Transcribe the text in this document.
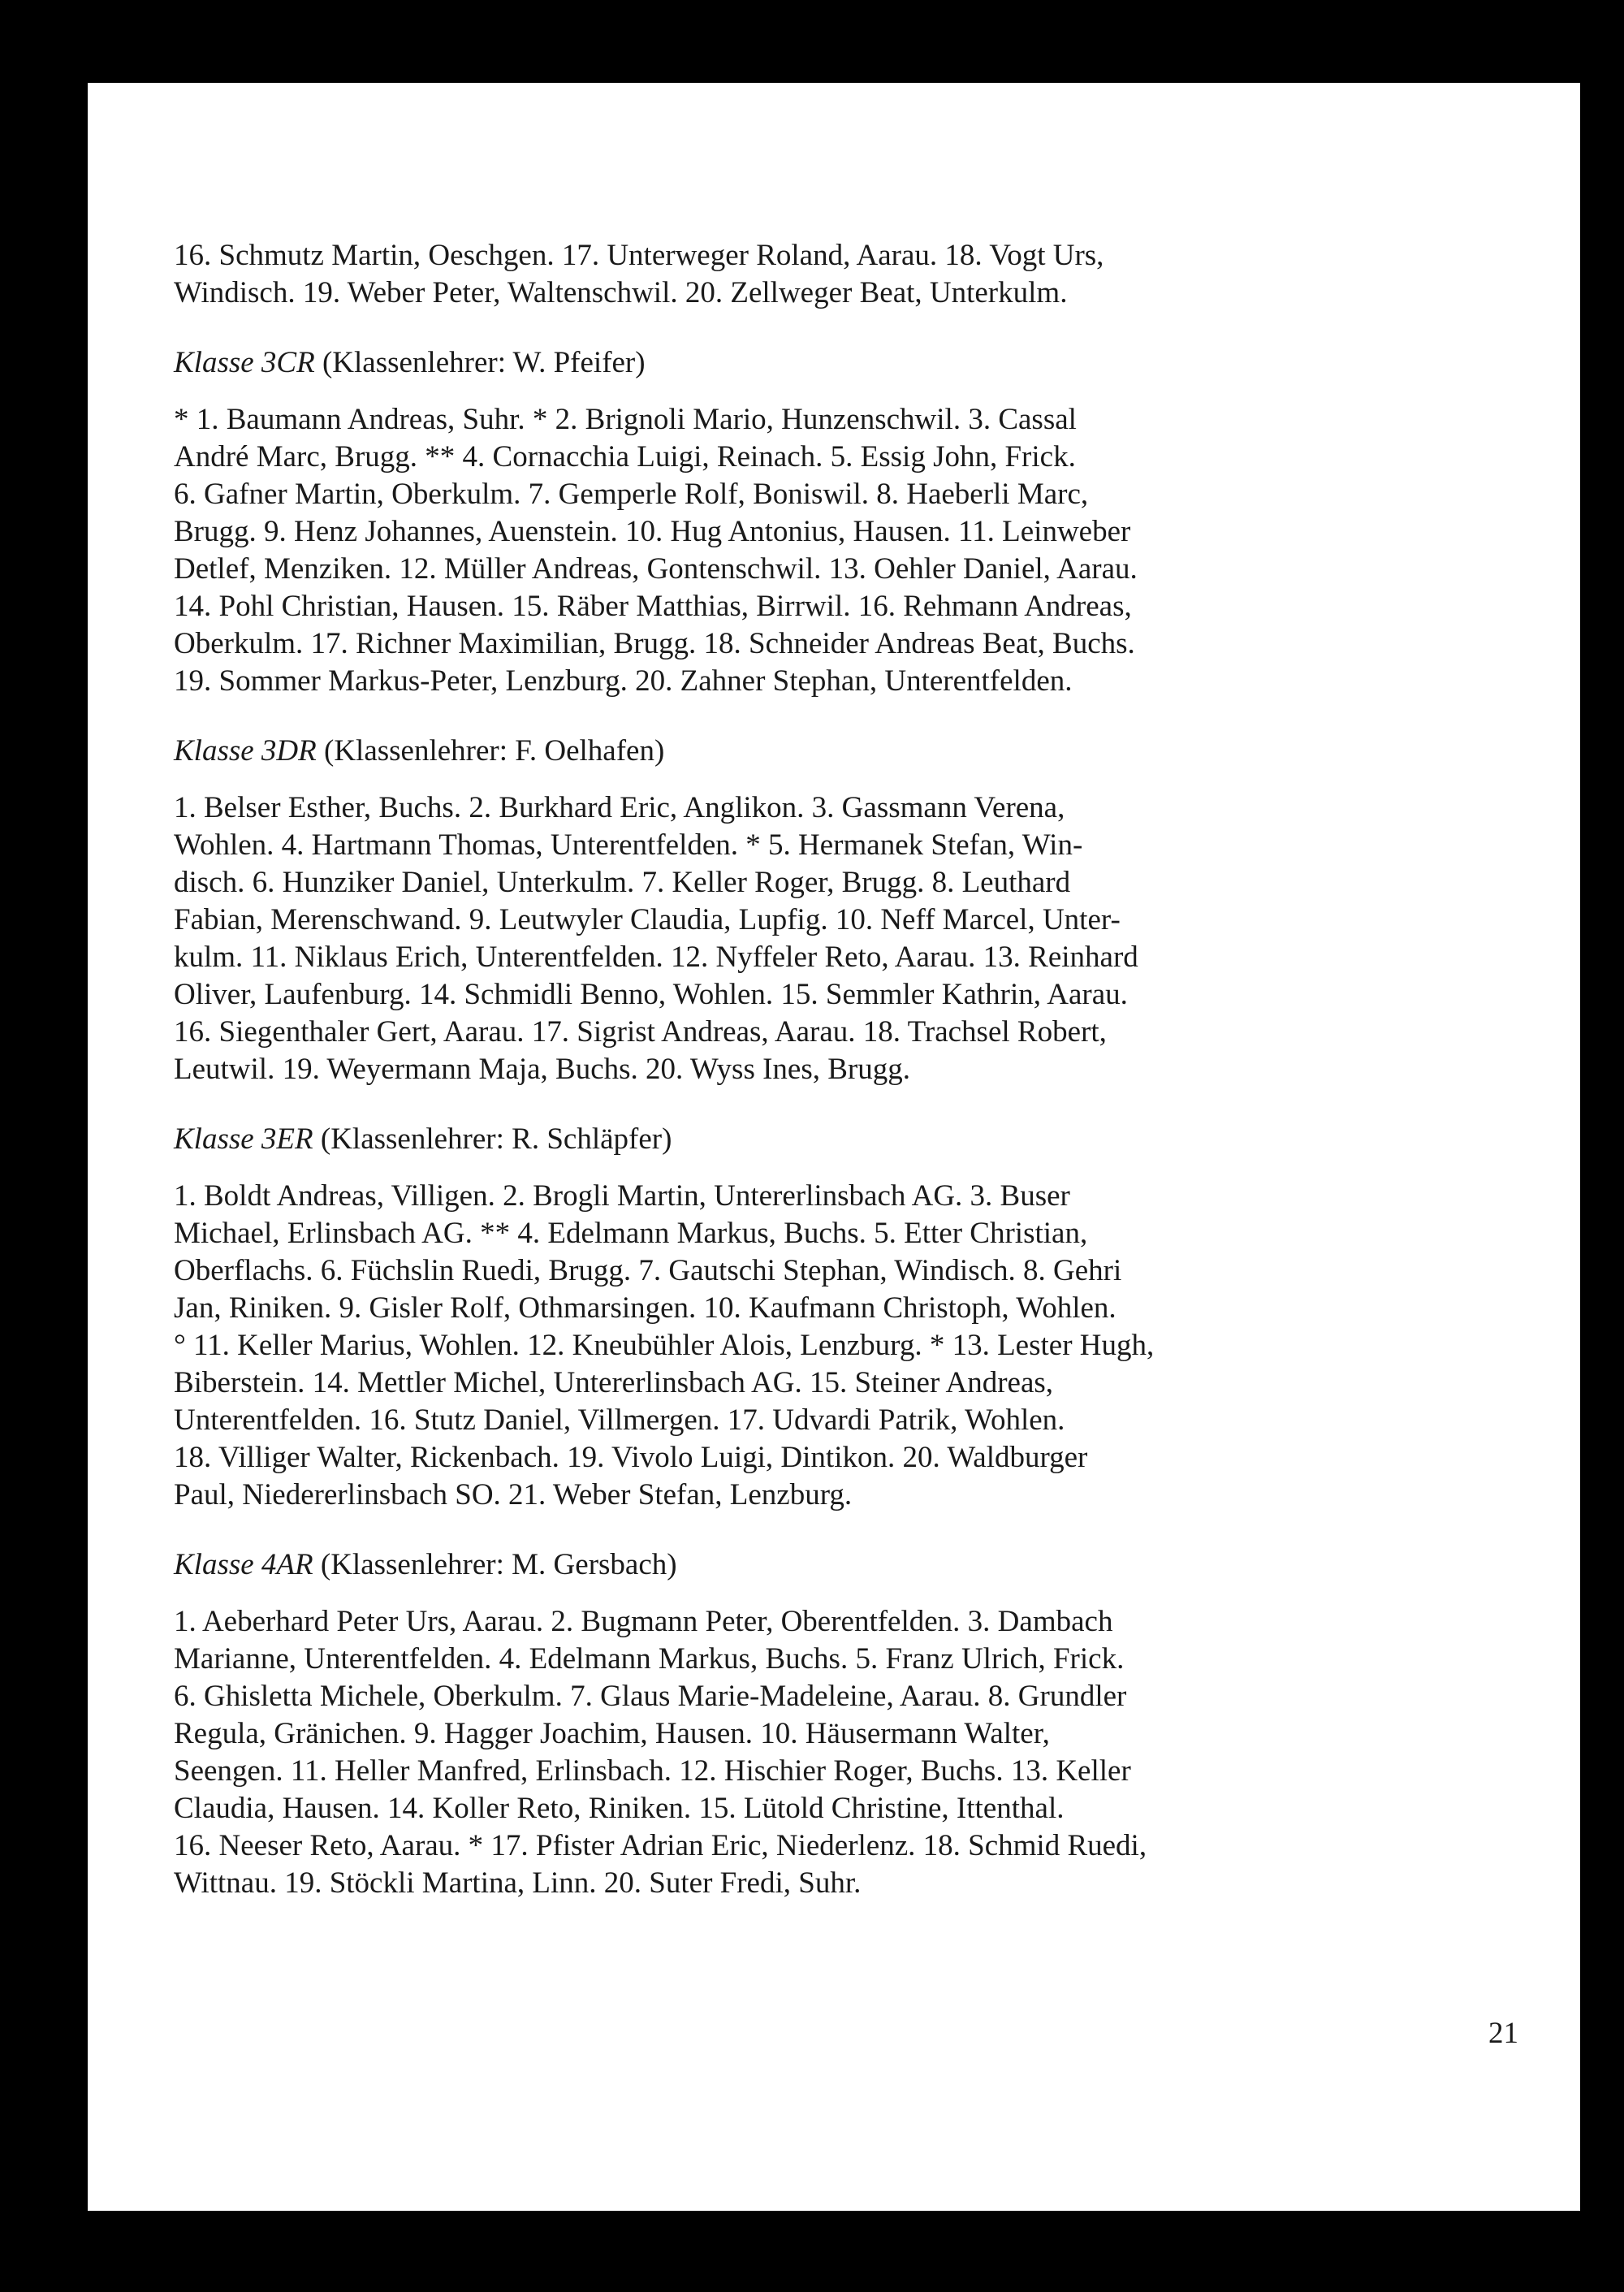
16. Schmutz Martin, Oeschgen. 17. Unterweger Roland, Aarau. 18. Vogt Urs,
Windisch. 19. Weber Peter, Waltenschwil. 20. Zellweger Beat, Unterkulm.
Klasse 3CR (Klassenlehrer: W. Pfeifer)
* 1. Baumann Andreas, Suhr. * 2. Brignoli Mario, Hunzenschwil. 3. Cassal
André Marc, Brugg. ** 4. Cornacchia Luigi, Reinach. 5. Essig John, Frick.
6. Gafner Martin, Oberkulm. 7. Gemperle Rolf, Boniswil. 8. Haeberli Marc,
Brugg. 9. Henz Johannes, Auenstein. 10. Hug Antonius, Hausen. 11. Leinweber
Detlef, Menziken. 12. Müller Andreas, Gontenschwil. 13. Oehler Daniel, Aarau.
14. Pohl Christian, Hausen. 15. Räber Matthias, Birrwil. 16. Rehmann Andreas,
Oberkulm. 17. Richner Maximilian, Brugg. 18. Schneider Andreas Beat, Buchs.
19. Sommer Markus-Peter, Lenzburg. 20. Zahner Stephan, Unterentfelden.
Klasse 3DR (Klassenlehrer: F. Oelhafen)
1. Belser Esther, Buchs. 2. Burkhard Eric, Anglikon. 3. Gassmann Verena,
Wohlen. 4. Hartmann Thomas, Unterentfelden. * 5. Hermanek Stefan, Win-
disch. 6. Hunziker Daniel, Unterkulm. 7. Keller Roger, Brugg. 8. Leuthard
Fabian, Merenschwand. 9. Leutwyler Claudia, Lupfig. 10. Neff Marcel, Unter-
kulm. 11. Niklaus Erich, Unterentfelden. 12. Nyffeler Reto, Aarau. 13. Reinhard
Oliver, Laufenburg. 14. Schmidli Benno, Wohlen. 15. Semmler Kathrin, Aarau.
16. Siegenthaler Gert, Aarau. 17. Sigrist Andreas, Aarau. 18. Trachsel Robert,
Leutwil. 19. Weyermann Maja, Buchs. 20. Wyss Ines, Brugg.
Klasse 3ER (Klassenlehrer: R. Schläpfer)
1. Boldt Andreas, Villigen. 2. Brogli Martin, Untererlinsbach AG. 3. Buser
Michael, Erlinsbach AG. ** 4. Edelmann Markus, Buchs. 5. Etter Christian,
Oberflachs. 6. Füchslin Ruedi, Brugg. 7. Gautschi Stephan, Windisch. 8. Gehri
Jan, Riniken. 9. Gisler Rolf, Othmarsingen. 10. Kaufmann Christoph, Wohlen.
° 11. Keller Marius, Wohlen. 12. Kneubühler Alois, Lenzburg. * 13. Lester Hugh,
Biberstein. 14. Mettler Michel, Untererlinsbach AG. 15. Steiner Andreas,
Unterentfelden. 16. Stutz Daniel, Villmergen. 17. Udvardi Patrik, Wohlen.
18. Villiger Walter, Rickenbach. 19. Vivolo Luigi, Dintikon. 20. Waldburger
Paul, Niedererlinsbach SO. 21. Weber Stefan, Lenzburg.
Klasse 4AR (Klassenlehrer: M. Gersbach)
1. Aeberhard Peter Urs, Aarau. 2. Bugmann Peter, Oberentfelden. 3. Dambach
Marianne, Unterentfelden. 4. Edelmann Markus, Buchs. 5. Franz Ulrich, Frick.
6. Ghisletta Michele, Oberkulm. 7. Glaus Marie-Madeleine, Aarau. 8. Grundler
Regula, Gränichen. 9. Hagger Joachim, Hausen. 10. Häusermann Walter,
Seengen. 11. Heller Manfred, Erlinsbach. 12. Hischier Roger, Buchs. 13. Keller
Claudia, Hausen. 14. Koller Reto, Riniken. 15. Lütold Christine, Ittenthal.
16. Neeser Reto, Aarau. * 17. Pfister Adrian Eric, Niederlenz. 18. Schmid Ruedi,
Wittnau. 19. Stöckli Martina, Linn. 20. Suter Fredi, Suhr.
21
